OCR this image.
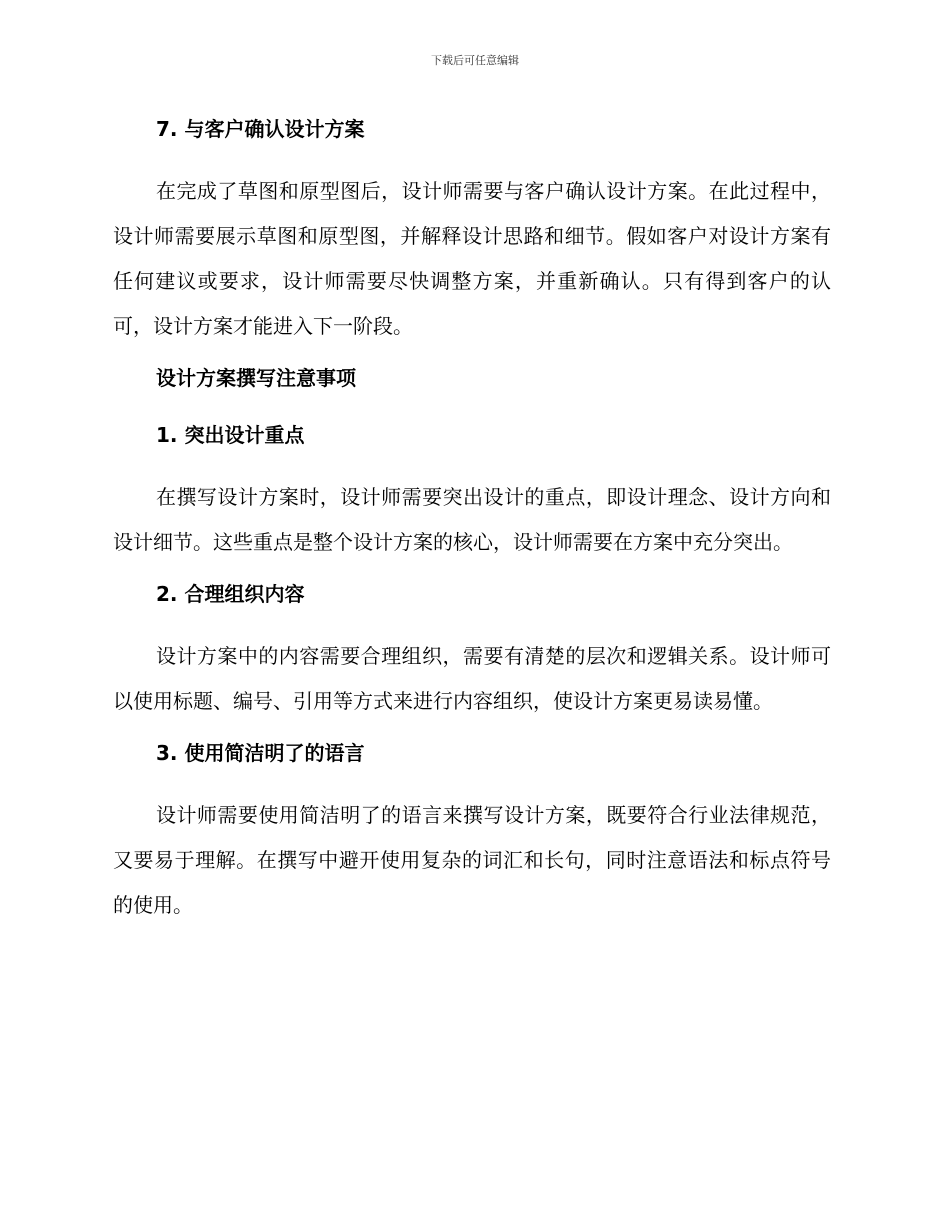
下载后可任意编辑
7. 与客户确认设计方案
在完成了草图和原型图后，设计师需要与客户确认设计方案。在此过程中，设计师需要展示草图和原型图，并解释设计思路和细节。假如客户对设计方案有任何建议或要求，设计师需要尽快调整方案，并重新确认。只有得到客户的认可，设计方案才能进入下一阶段。
设计方案撰写注意事项
1. 突出设计重点
在撰写设计方案时，设计师需要突出设计的重点，即设计理念、设计方向和设计细节。这些重点是整个设计方案的核心，设计师需要在方案中充分突出。
2. 合理组织内容
设计方案中的内容需要合理组织，需要有清楚的层次和逻辑关系。设计师可以使用标题、编号、引用等方式来进行内容组织，使设计方案更易读易懂。
3. 使用简洁明了的语言
设计师需要使用简洁明了的语言来撰写设计方案，既要符合行业法律规范，又要易于理解。在撰写中避开使用复杂的词汇和长句，同时注意语法和标点符号的使用。
